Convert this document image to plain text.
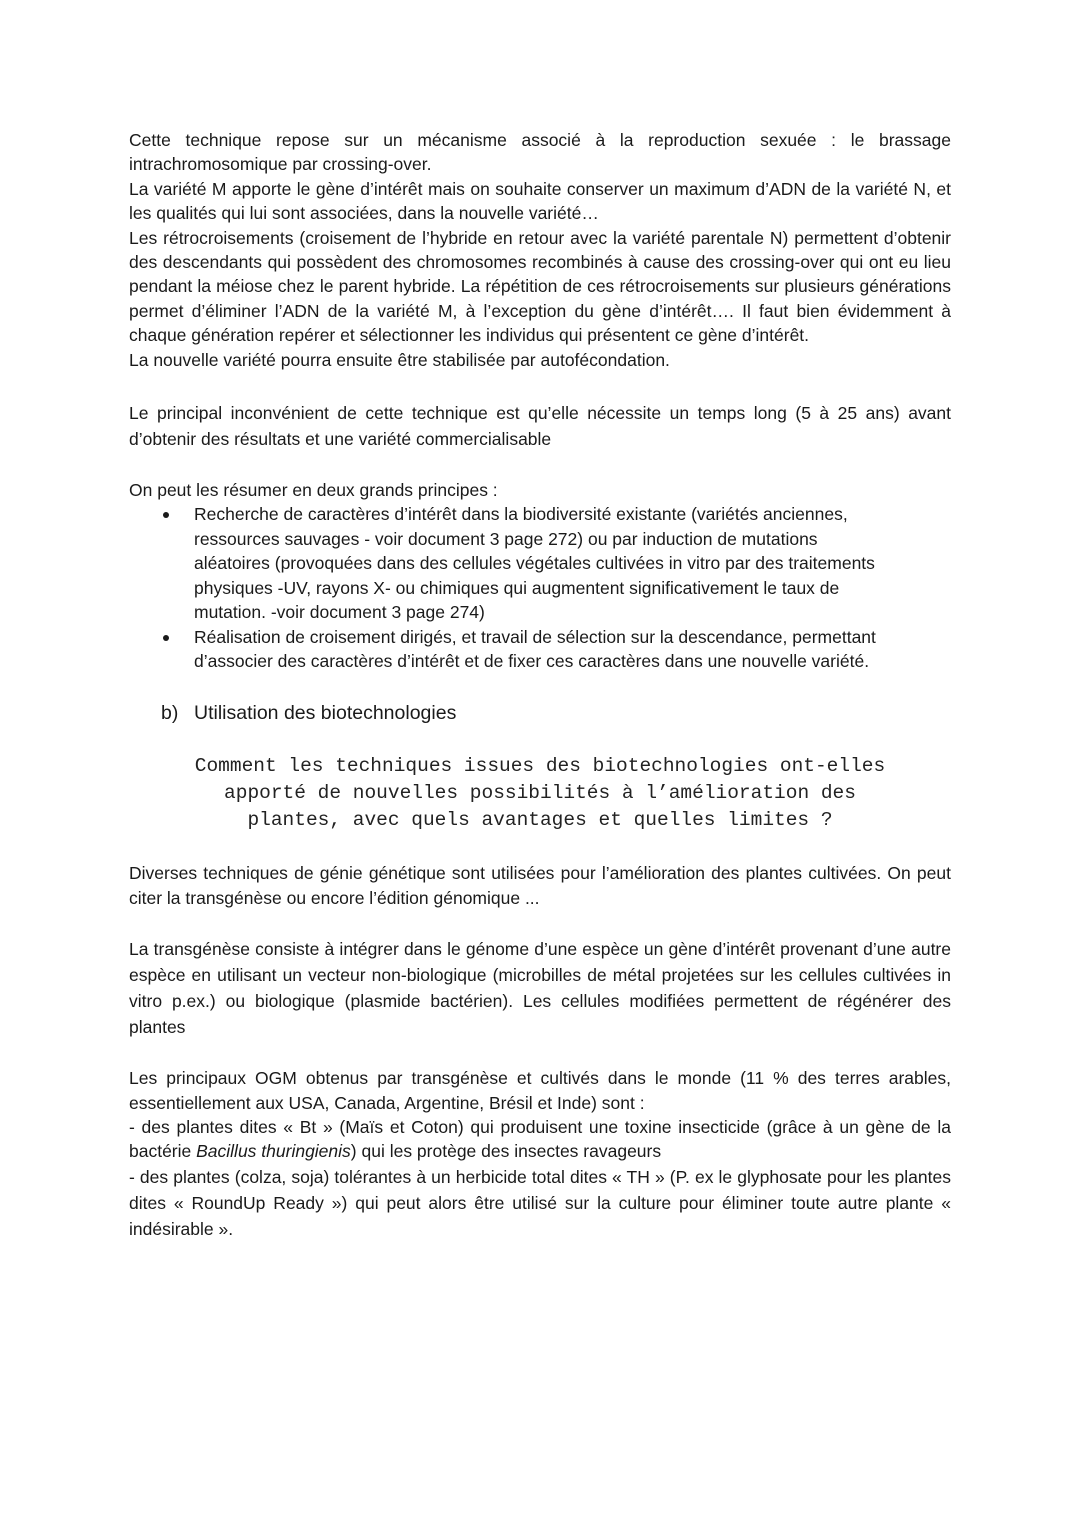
Cette technique repose sur un mécanisme associé à la reproduction sexuée : le brassage intrachromosomique par crossing-over.

La variété M apporte le gène d’intérêt mais on souhaite conserver un maximum d’ADN de la variété N, et les qualités qui lui sont associées, dans la nouvelle variété…

Les rétrocroisements (croisement de l’hybride en retour avec la variété parentale N) permettent d’obtenir des descendants qui possèdent des chromosomes recombinés à cause des crossing-over qui ont eu lieu pendant la méiose chez le parent hybride. La répétition de ces rétrocroisements sur plusieurs générations permet d’éliminer l’ADN de la variété M, à l’exception du gène d’intérêt…. Il faut bien évidemment à chaque génération repérer et sélectionner les individus qui présentent ce gène d’intérêt.

La nouvelle variété pourra ensuite être stabilisée par autofécondation.

Le principal inconvénient de cette technique est qu’elle nécessite un temps long (5 à 25 ans) avant d’obtenir des résultats et une variété commercialisable

On peut les résumer en deux grands principes :

Recherche de caractères d’intérêt dans la biodiversité existante (variétés anciennes, ressources sauvages - voir document 3 page 272) ou par induction de mutations aléatoires (provoquées dans des cellules végétales cultivées in vitro par des traitements physiques -UV, rayons X- ou chimiques qui augmentent significativement le taux de mutation. -voir document 3 page 274)
Réalisation de croisement dirigés, et travail de sélection sur la descendance, permettant d’associer des caractères d’intérêt et de fixer ces caractères dans une nouvelle variété.
b) Utilisation des biotechnologies
Comment les techniques issues des biotechnologies ont-elles
apporté de nouvelles possibilités à l’amélioration des
plantes, avec quels avantages et quelles limites ?

Diverses techniques de génie génétique sont utilisées pour l’amélioration des plantes cultivées. On peut citer la transgénèse ou encore l’édition génomique ...

La transgénèse consiste à intégrer dans le génome d’une espèce un gène d’intérêt provenant d’une autre espèce en utilisant un vecteur non-biologique (microbilles de métal projetées sur les cellules cultivées in vitro p.ex.) ou biologique (plasmide bactérien). Les cellules modifiées permettent de régénérer des plantes

Les principaux OGM obtenus par transgénèse et cultivés dans le monde (11 % des terres arables, essentiellement aux USA, Canada, Argentine, Brésil et Inde) sont :

- des plantes dites « Bt » (Maïs et Coton) qui produisent une toxine insecticide (grâce à un gène de la bactérie Bacillus thuringienis) qui les protège des insectes ravageurs

- des plantes (colza, soja) tolérantes à un herbicide total dites « TH » (P. ex le glyphosate pour les plantes dites « RoundUp Ready ») qui peut alors être utilisé sur la culture pour éliminer toute autre plante « indésirable ».
